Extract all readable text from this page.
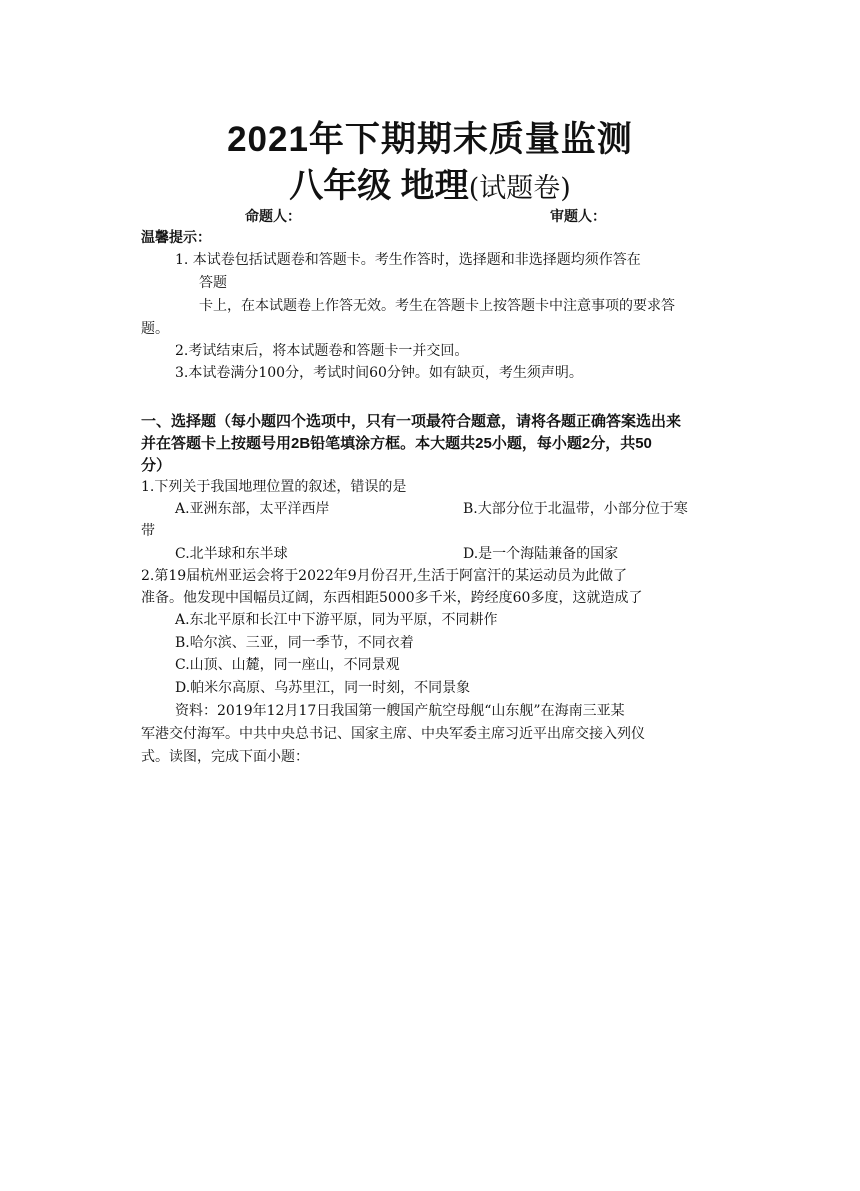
2021年下期期末质量监测
八年级 地理(试题卷)
命题人：	审题人：
温馨提示：
1. 本试卷包括试题卷和答题卡。考生作答时，选择题和非选择题均须作答在
答题
卡上，在本试题卷上作答无效。考生在答题卡上按答题卡中注意事项的要求答
题。
2.考试结束后，将本试题卷和答题卡一并交回。
3.本试卷满分100分，考试时间60分钟。如有缺页，考生须声明。
一、选择题（每小题四个选项中，只有一项最符合题意，请将各题正确答案选出来
并在答题卡上按题号用2B铅笔填涂方框。本大题共25小题，每小题2分，共50
分）
1.下列关于我国地理位置的叙述，错误的是
A.亚洲东部，太平洋西岸	B.大部分位于北温带，小部分位于寒
带
C.北半球和东半球	D.是一个海陆兼备的国家
2.第19届杭州亚运会将于2022年9月份召开,生活于阿富汗的某运动员为此做了
准备。他发现中国幅员辽阔，东西相距5000多千米，跨经度60多度，这就造成了
A.东北平原和长江中下游平原，同为平原，不同耕作
B.哈尔滨、三亚，同一季节，不同衣着
C.山顶、山麓，同一座山，不同景观
D.帕米尔高原、乌苏里江，同一时刻，不同景象
资料：2019年12月17日我国第一艘国产航空母舰“山东舰”在海南三亚某
军港交付海军。中共中央总书记、国家主席、中央军委主席习近平出席交接入列仪
式。读图，完成下面小题：
